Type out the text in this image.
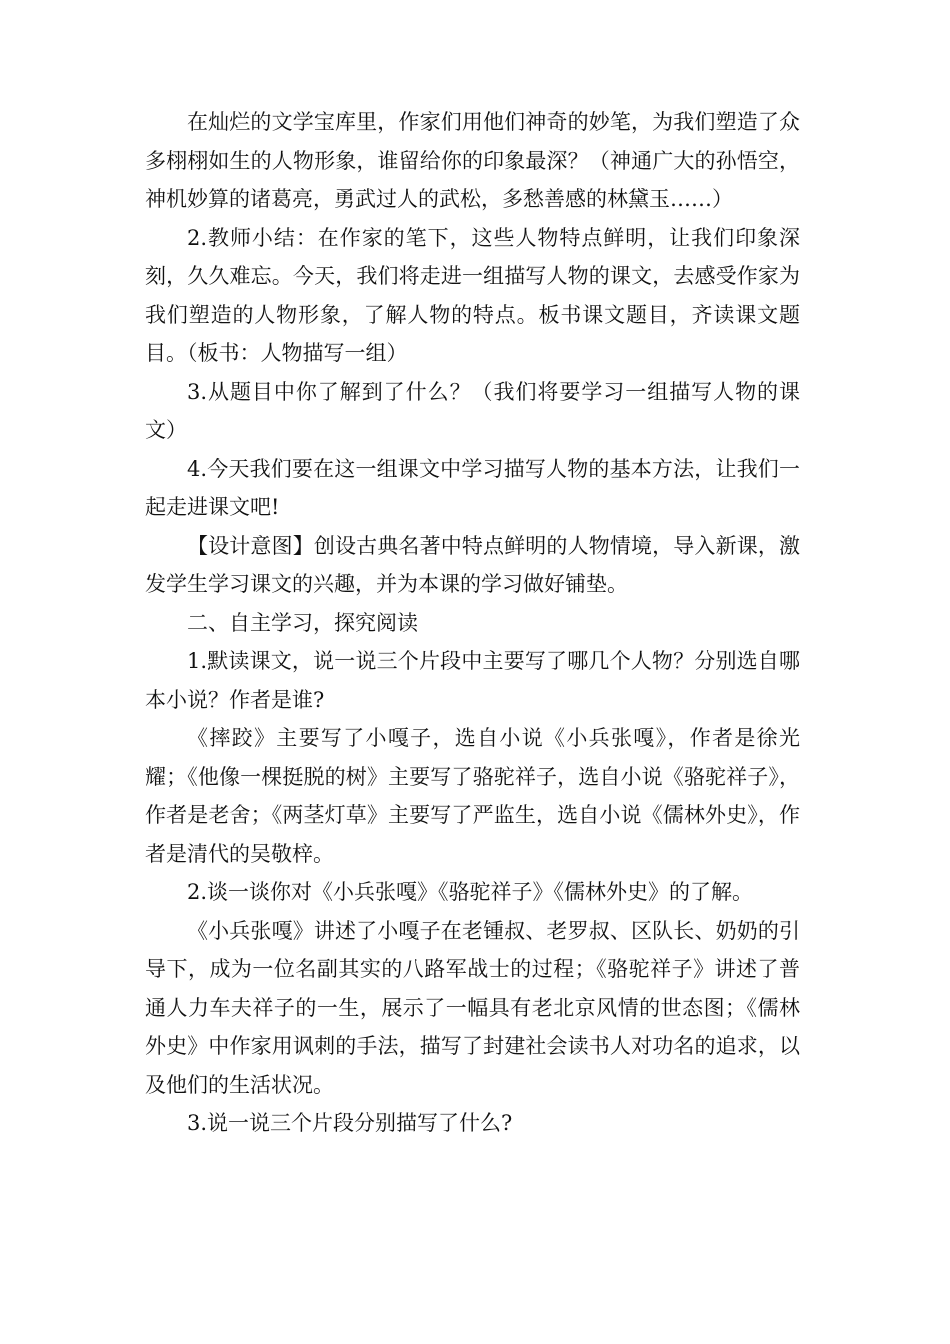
在灿烂的文学宝库里，作家们用他们神奇的妙笔，为我们塑造了众多栩栩如生的人物形象，谁留给你的印象最深？（神通广大的孙悟空，神机妙算的诸葛亮，勇武过人的武松，多愁善感的林黛玉……）

2.教师小结：在作家的笔下，这些人物特点鲜明，让我们印象深刻，久久难忘。今天，我们将走进一组描写人物的课文，去感受作家为我们塑造的人物形象，了解人物的特点。板书课文题目，齐读课文题目。（板书：人物描写一组）

3.从题目中你了解到了什么？（我们将要学习一组描写人物的课文）

4.今天我们要在这一组课文中学习描写人物的基本方法，让我们一起走进课文吧!

【设计意图】创设古典名著中特点鲜明的人物情境，导入新课，激发学生学习课文的兴趣，并为本课的学习做好铺垫。

二、自主学习，探究阅读

1.默读课文，说一说三个片段中主要写了哪几个人物？分别选自哪本小说？作者是谁?

《摔跤》主要写了小嘎子，选自小说《小兵张嘎》，作者是徐光耀；《他像一棵挺脱的树》主要写了骆驼祥子，选自小说《骆驼祥子》，作者是老舍；《两茎灯草》主要写了严监生，选自小说《儒林外史》，作者是清代的吴敬梓。

2.谈一谈你对《小兵张嘎》《骆驼祥子》《儒林外史》的了解。

《小兵张嘎》讲述了小嘎子在老锺叔、老罗叔、区队长、奶奶的引导下，成为一位名副其实的八路军战士的过程；《骆驼祥子》讲述了普通人力车夫祥子的一生，展示了一幅具有老北京风情的世态图；《儒林外史》中作家用讽刺的手法，描写了封建社会读书人对功名的追求，以及他们的生活状况。

3.说一说三个片段分别描写了什么?
